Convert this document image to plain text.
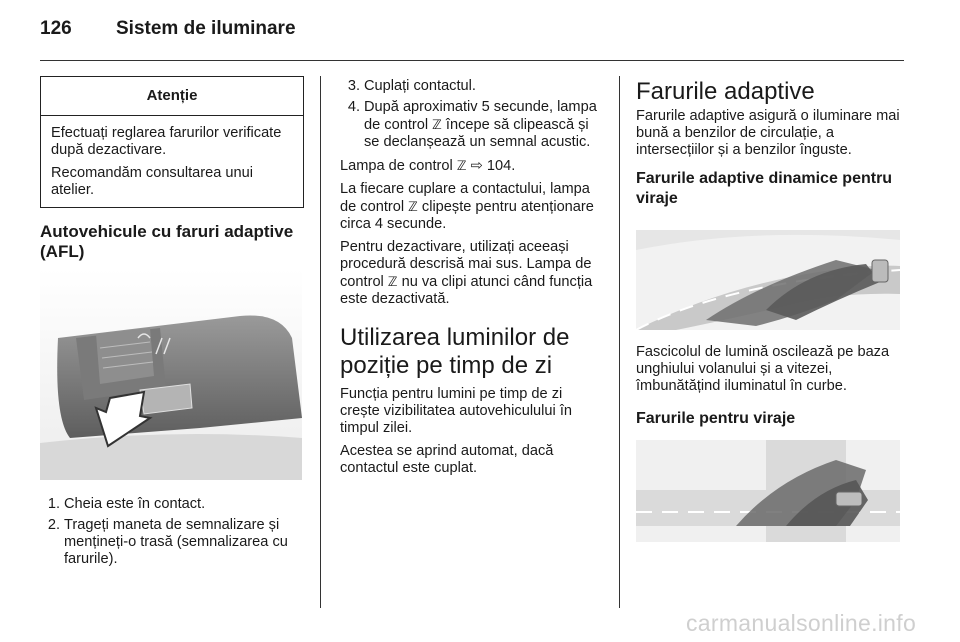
126 Sistem de iluminare
Atenție

Efectuați reglarea farurilor verificate după dezactivare.

Recomandăm consultarea unui atelier.

Autovehicule cu faruri adaptive (AFL)
1. Cheia este în contact.
2. Trageți maneta de semnalizare și mențineți-o trasă (semnalizarea cu farurile).
3. Cuplați contactul.
4. După aproximativ 5 secunde, lampa de control ℤ începe să clipească și se declanșează un semnal acustic.

Lampa de control ℤ ⇨ 104.

La fiecare cuplare a contactului, lampa de control ℤ clipește pentru atenționare circa 4 secunde.

Pentru dezactivare, utilizați aceeași procedură descrisă mai sus. Lampa de control ℤ nu va clipi atunci când funcția este dezactivată.

Utilizarea luminilor de poziție pe timp de zi

Funcția pentru lumini pe timp de zi crește vizibilitatea autovehiculului în timpul zilei.

Acestea se aprind automat, dacă contactul este cuplat.

Farurile adaptive

Farurile adaptive asigură o iluminare mai bună a benzilor de circulație, a intersecțiilor și a benzilor înguste.

Farurile adaptive dinamice pentru viraje

Fascicolul de lumină oscilează pe baza unghiului volanului și a vitezei, îmbunătățind iluminatul în curbe.

Farurile pentru viraje
carmanualsonline.info
